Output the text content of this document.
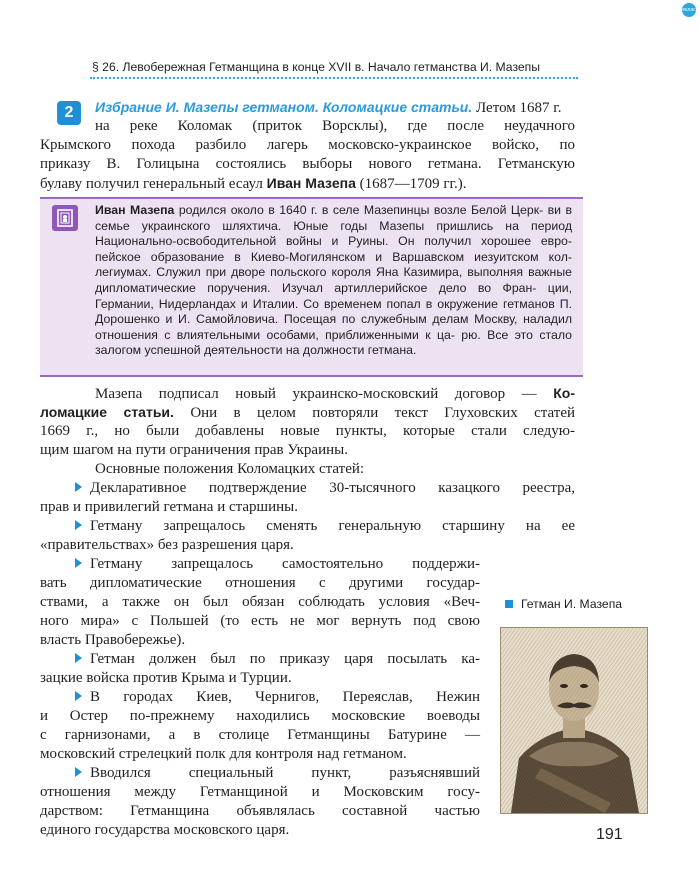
еклас
§ 26. Левобережная Гетманщина в конце XVII в. Начало гетманства И. Мазепы
2	Избрание И. Мазепы гетманом. Коломацкие статьи. Летом 1687 г.
на реке Коломак (приток Ворсклы), где после неудачного
Крымского похода разбило лагерь московско-украинское войско, по
приказу В. Голицына состоялись выборы нового гетмана. Гетманскую
булаву получил генеральный есаул Иван Мазепа (1687—1709 гг.).
Иван Мазепа родился около в 1640 г. в селе Мазепинцы возле Белой Церк- ви в семье украинского шляхтича. Юные годы Мазепы пришлись на период Национально-освободительной войны и Руины. Он получил хорошее евро- пейское образование в Киево-Могилянском и Варшавском иезуитском кол- легиумах. Служил при дворе польского короля Яна Казимира, выполняя важные дипломатические поручения. Изучал артиллерийское дело во Фран- ции, Германии, Нидерландах и Италии. Со временем попал в окружение гетманов П. Дорошенко и И. Самойловича. Посещая по служебным делам Москву, наладил отношения с влиятельными особами, приближенными к ца- рю. Все это стало залогом успешной деятельности на должности гетмана.
Мазепа подписал новый украинско-московский договор — Ко-
ломацкие статьи. Они в целом повторяли текст Глуховских статей
1669 г., но были добавлены новые пункты, которые стали следую-
щим шагом на пути ограничения прав Украины.
Основные положения Коломацких статей:
Декларативное подтверждение 30-тысячного казацкого реестра,
прав и привилегий гетмана и старшины.
Гетману запрещалось сменять генеральную старшину на ее
«правительствах» без разрешения царя.
Гетману запрещалось самостоятельно поддержи-
вать дипломатические отношения с другими государ-
ствами, а также он был обязан соблюдать условия «Веч-
ного мира» с Польшей (то есть не мог вернуть под свою
власть Правобережье).
Гетман должен был по приказу царя посылать ка-
зацкие войска против Крыма и Турции.
В городах Киев, Чернигов, Переяслав, Нежин
и Остер по-прежнему находились московские воеводы
с гарнизонами, а в столице Гетманщины Батурине —
московский стрелецкий полк для контроля над гетманом.
Вводился специальный пункт, разъяснявший
отношения между Гетманщиной и Московским госу-
дарством: Гетманщина объявлялась составной частью
единого государства московского царя.
Гетман И. Мазепа
191
